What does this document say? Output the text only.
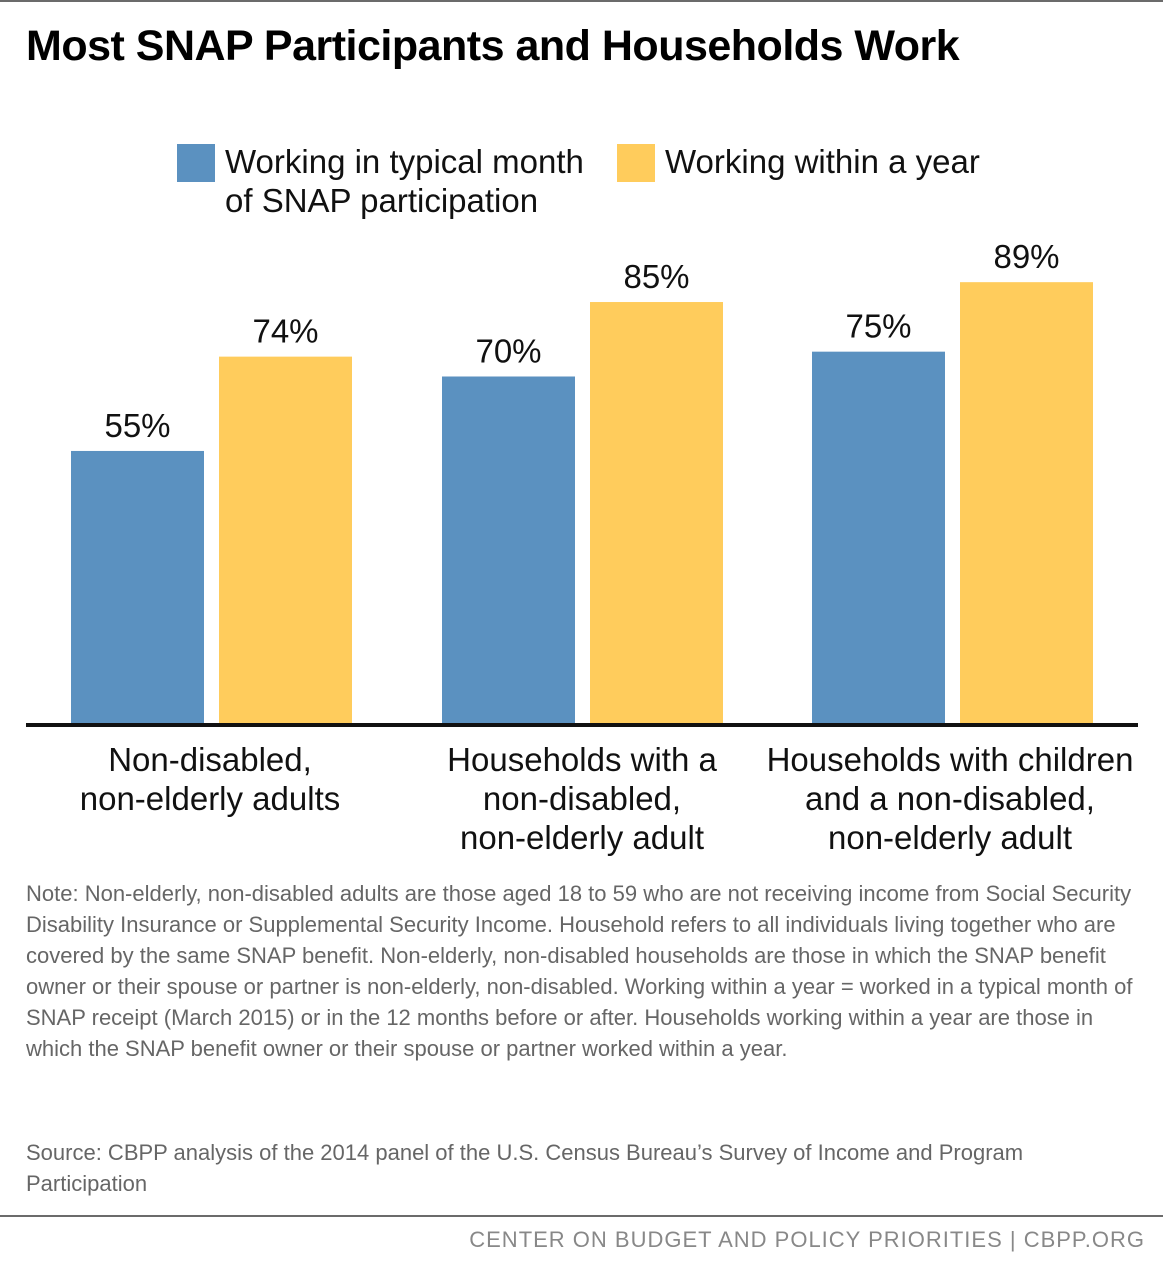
Most SNAP Participants and Households Work
Working in typical month
of SNAP participation
Working within a year
55%
74%
70%
85%
75%
89%
Non-disabled,
non-elderly adults
Households with a
non-disabled,
non-elderly adult
Households with children
and a non-disabled,
non-elderly adult
Note: Non-elderly, non-disabled adults are those aged 18 to 59 who are not receiving income from Social Security Disability Insurance or Supplemental Security Income. Household refers to all individuals living together who are covered by the same SNAP benefit. Non-elderly, non-disabled households are those in which the SNAP benefit owner or their spouse or partner is non-elderly, non-disabled. Working within a year = worked in a typical month of SNAP receipt (March 2015) or in the 12 months before or after. Households working within a year are those in which the SNAP benefit owner or their spouse or partner worked within a year.
Source: CBPP analysis of the 2014 panel of the U.S. Census Bureau’s Survey of Income and Program Participation
CENTER ON BUDGET AND POLICY PRIORITIES | CBPP.ORG
